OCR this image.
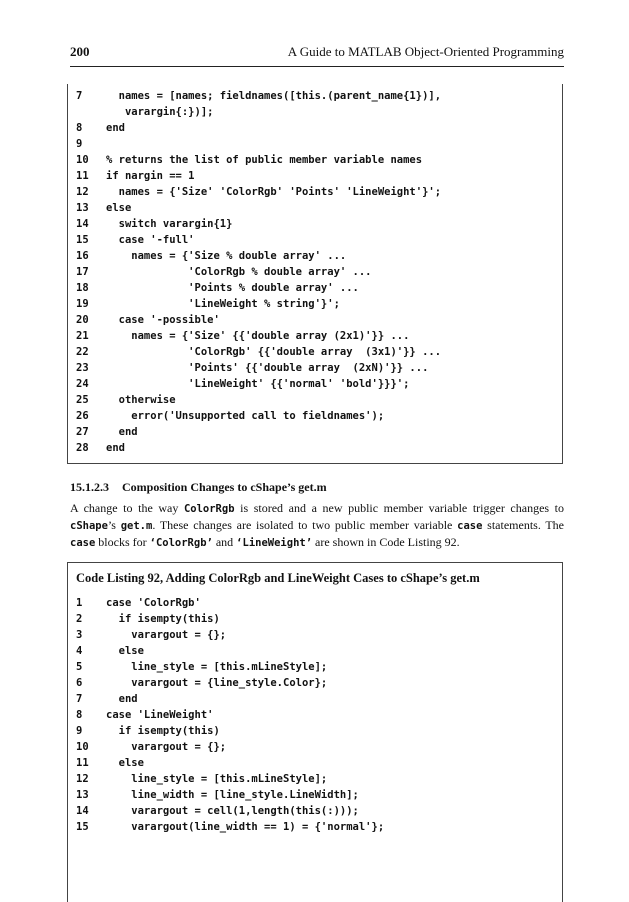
200	A Guide to MATLAB Object-Oriented Programming
7 names = [names; fieldnames([this.(parent_name{1})],
varargin{:})];
8 end
9
10 % returns the list of public member variable names
11 if nargin == 1
12 names = {'Size' 'ColorRgb' 'Points' 'LineWeight'}';
13 else
14 switch varargin{1}
15 case '-full'
16 names = {'Size % double array' ...
17 'ColorRgb % double array' ...
18 'Points % double array' ...
19 'LineWeight % string'}';
20 case '-possible'
21 names = {'Size' {{'double array (2x1)'}} ...
22 'ColorRgb' {{'double array  (3x1)'}} ...
23 'Points' {{'double array  (2xN)'}} ...
24 'LineWeight' {{'normal' 'bold'}}}';
25 otherwise
26 error('Unsupported call to fieldnames');
27 end
28 end
15.1.2.3 Composition Changes to cShape’s get.m
A change to the way ColorRgb is stored and a new public member variable trigger changes to cShape’s get.m. These changes are isolated to two public member variable case statements. The case blocks for ‘ColorRgb’ and ‘LineWeight’ are shown in Code Listing 92.
Code Listing 92, Adding ColorRgb and LineWeight Cases to cShape’s get.m
1 case 'ColorRgb'
2 if isempty(this)
3 varargout = {};
4 else
5 line_style = [this.mLineStyle];
6 varargout = {line_style.Color};
7 end
8 case 'LineWeight'
9 if isempty(this)
10 varargout = {};
11 else
12 line_style = [this.mLineStyle];
13 line_width = [line_style.LineWidth];
14 varargout = cell(1,length(this(:)));
15 varargout(line_width == 1) = {'normal'};
